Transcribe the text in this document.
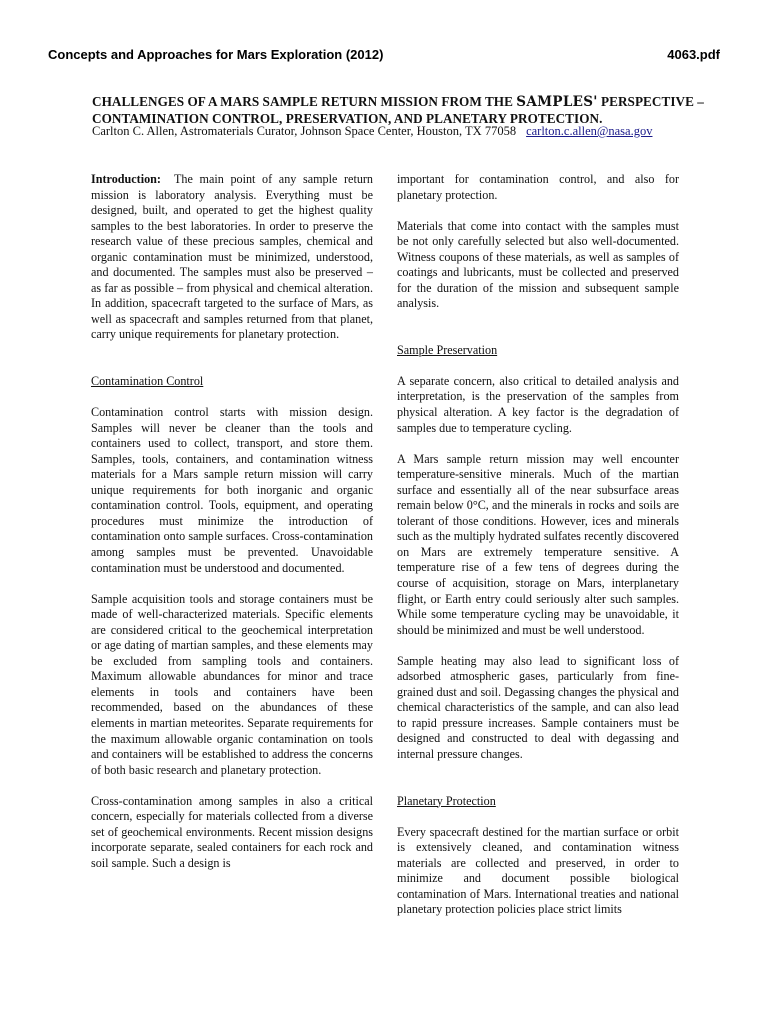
Concepts and Approaches for Mars Exploration (2012)	4063.pdf
CHALLENGES OF A MARS SAMPLE RETURN MISSION FROM THE SAMPLES' PERSPECTIVE –
CONTAMINATION CONTROL, PRESERVATION, AND PLANETARY PROTECTION.
Carlton C. Allen, Astromaterials Curator, Johnson Space Center, Houston, TX 77058 carlton.c.allen@nasa.gov

Introduction: The main point of any sample return mission is laboratory analysis. Everything must be designed, built, and operated to get the highest quality samples to the best laboratories. In order to preserve the research value of these precious samples, chemical and organic contamination must be minimized, understood, and documented. The samples must also be preserved – as far as possible – from physical and chemical alteration. In addition, spacecraft targeted to the surface of Mars, as well as spacecraft and samples returned from that planet, carry unique requirements for planetary protection.

Contamination Control

Contamination control starts with mission design. Samples will never be cleaner than the tools and containers used to collect, transport, and store them. Samples, tools, containers, and contamination witness materials for a Mars sample return mission will carry unique requirements for both inorganic and organic contamination control. Tools, equipment, and operating procedures must minimize the introduction of contamination onto sample surfaces. Cross-contamination among samples must be prevented. Unavoidable contamination must be understood and documented.

Sample acquisition tools and storage containers must be made of well-characterized materials. Specific elements are considered critical to the geochemical interpretation or age dating of martian samples, and these elements may be excluded from sampling tools and containers. Maximum allowable abundances for minor and trace elements in tools and containers have been recommended, based on the abundances of these elements in martian meteorites. Separate requirements for the maximum allowable organic contamination on tools and containers will be established to address the concerns of both basic research and planetary protection.

Cross-contamination among samples in also a critical concern, especially for materials collected from a diverse set of geochemical environments. Recent mission designs incorporate separate, sealed containers for each rock and soil sample. Such a design is

important for contamination control, and also for planetary protection.

Materials that come into contact with the samples must be not only carefully selected but also well-documented. Witness coupons of these materials, as well as samples of coatings and lubricants, must be collected and preserved for the duration of the mission and subsequent sample analysis.

Sample Preservation

A separate concern, also critical to detailed analysis and interpretation, is the preservation of the samples from physical alteration. A key factor is the degradation of samples due to temperature cycling.

A Mars sample return mission may well encounter temperature-sensitive minerals. Much of the martian surface and essentially all of the near subsurface areas remain below 0°C, and the minerals in rocks and soils are tolerant of those conditions. However, ices and minerals such as the multiply hydrated sulfates recently discovered on Mars are extremely temperature sensitive. A temperature rise of a few tens of degrees during the course of acquisition, storage on Mars, interplanetary flight, or Earth entry could seriously alter such samples. While some temperature cycling may be unavoidable, it should be minimized and must be well understood.

Sample heating may also lead to significant loss of adsorbed atmospheric gases, particularly from fine-grained dust and soil. Degassing changes the physical and chemical characteristics of the sample, and can also lead to rapid pressure increases. Sample containers must be designed and constructed to deal with degassing and internal pressure changes.

Planetary Protection

Every spacecraft destined for the martian surface or orbit is extensively cleaned, and contamination witness materials are collected and preserved, in order to minimize and document possible biological contamination of Mars. International treaties and national planetary protection policies place strict limits
